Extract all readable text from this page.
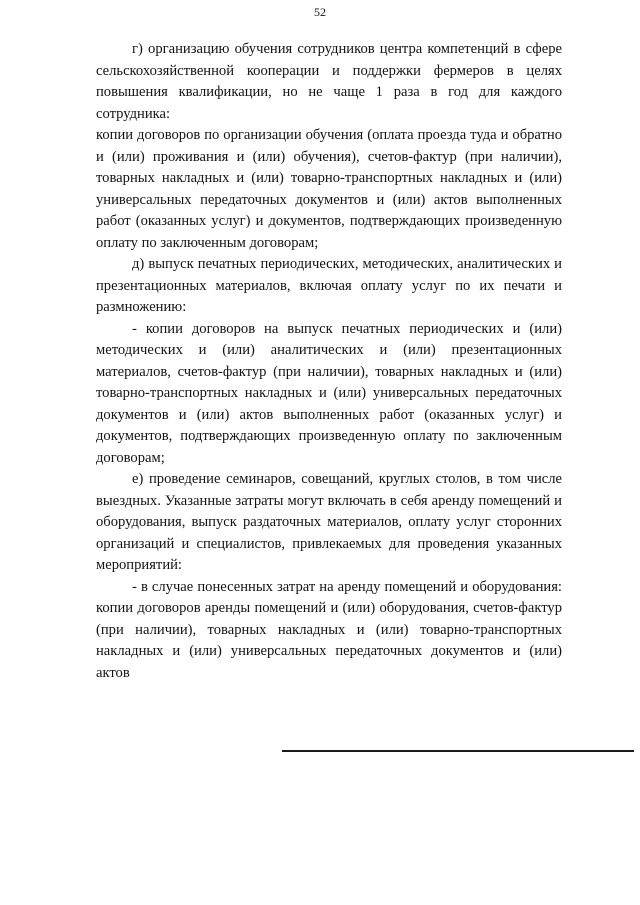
52

г) организацию обучения сотрудников центра компетенций в сфере сельскохозяйственной кооперации и поддержки фермеров в целях повышения квалификации, но не чаще 1 раза в год для каждого сотрудника:

копии договоров по организации обучения (оплата проезда туда и обратно и (или) проживания и (или) обучения), счетов-фактур (при наличии), товарных накладных и (или) товарно-транспортных накладных и (или) универсальных передаточных документов и (или) актов выполненных работ (оказанных услуг) и документов, подтверждающих произведенную оплату по заключенным договорам;

д) выпуск печатных периодических, методических, аналитических и презентационных материалов, включая оплату услуг по их печати и размножению:

- копии договоров на выпуск печатных периодических и (или) методических и (или) аналитических и (или) презентационных материалов, счетов-фактур (при наличии), товарных накладных и (или) товарно-транспортных накладных и (или) универсальных передаточных документов и (или) актов выполненных работ (оказанных услуг) и документов, подтверждающих произведенную оплату по заключенным договорам;

е) проведение семинаров, совещаний, круглых столов, в том числе выездных. Указанные затраты могут включать в себя аренду помещений и оборудования, выпуск раздаточных материалов, оплату услуг сторонних организаций и специалистов, привлекаемых для проведения указанных мероприятий:

- в случае понесенных затрат на аренду помещений и оборудования: копии договоров аренды помещений и (или) оборудования, счетов-фактур (при наличии), товарных накладных и (или) товарно-транспортных накладных и (или) универсальных передаточных документов и (или) актов
